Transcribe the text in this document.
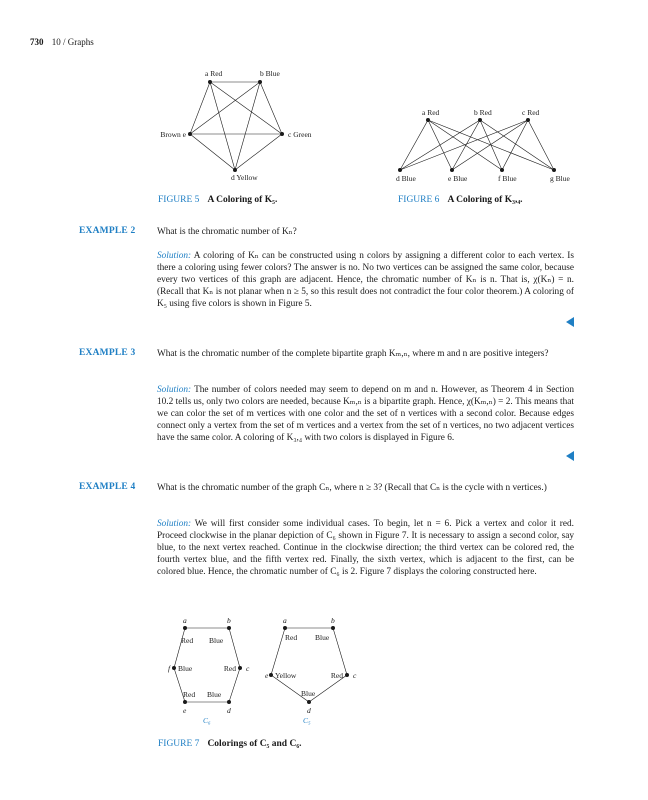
730 10 / Graphs
a Red	b Blue
c Green
d Yellow
Brown e
FIGURE 5 A Coloring of K₅.
a Red	b Red	c Red
d Blue	e Blue	f Blue	g Blue
FIGURE 6 A Coloring of K₃,₄.
EXAMPLE 2 What is the chromatic number of Kₙ?
Solution: A coloring of Kₙ can be constructed using n colors by assigning a different color to each vertex. Is there a coloring using fewer colors? The answer is no. No two vertices can be assigned the same color, because every two vertices of this graph are adjacent. Hence, the chromatic number of Kₙ is n. That is, χ(Kₙ) = n. (Recall that Kₙ is not planar when n ≥ 5, so this result does not contradict the four color theorem.) A coloring of K₅ using five colors is shown in Figure 5.
EXAMPLE 3 What is the chromatic number of the complete bipartite graph Kₘ,ₙ, where m and n are positive integers?
Solution: The number of colors needed may seem to depend on m and n. However, as Theorem 4 in Section 10.2 tells us, only two colors are needed, because Kₘ,ₙ is a bipartite graph. Hence, χ(Kₘ,ₙ) = 2. This means that we can color the set of m vertices with one color and the set of n vertices with a second color. Because edges connect only a vertex from the set of m vertices and a vertex from the set of n vertices, no two adjacent vertices have the same color. A coloring of K₃,₄ with two colors is displayed in Figure 6.
EXAMPLE 4 What is the chromatic number of the graph Cₙ, where n ≥ 3? (Recall that Cₙ is the cycle with n vertices.)
Solution: We will first consider some individual cases. To begin, let n = 6. Pick a vertex and color it red. Proceed clockwise in the planar depiction of C₆ shown in Figure 7. It is necessary to assign a second color, say blue, to the next vertex reached. Continue in the clockwise direction; the third vertex can be colored red, the fourth vertex blue, and the fifth vertex red. Finally, the sixth vertex, which is adjacent to the first, can be colored blue. Hence, the chromatic number of C₆ is 2. Figure 7 displays the coloring constructed here.
a
Red
b
Blue
c
Red
d
Blue
e
Red
f Blue
C₆
a
Red
b
Blue
c
Red
d
Blue
e Yellow
C₅
FIGURE 7 Colorings of C₅ and C₆.
